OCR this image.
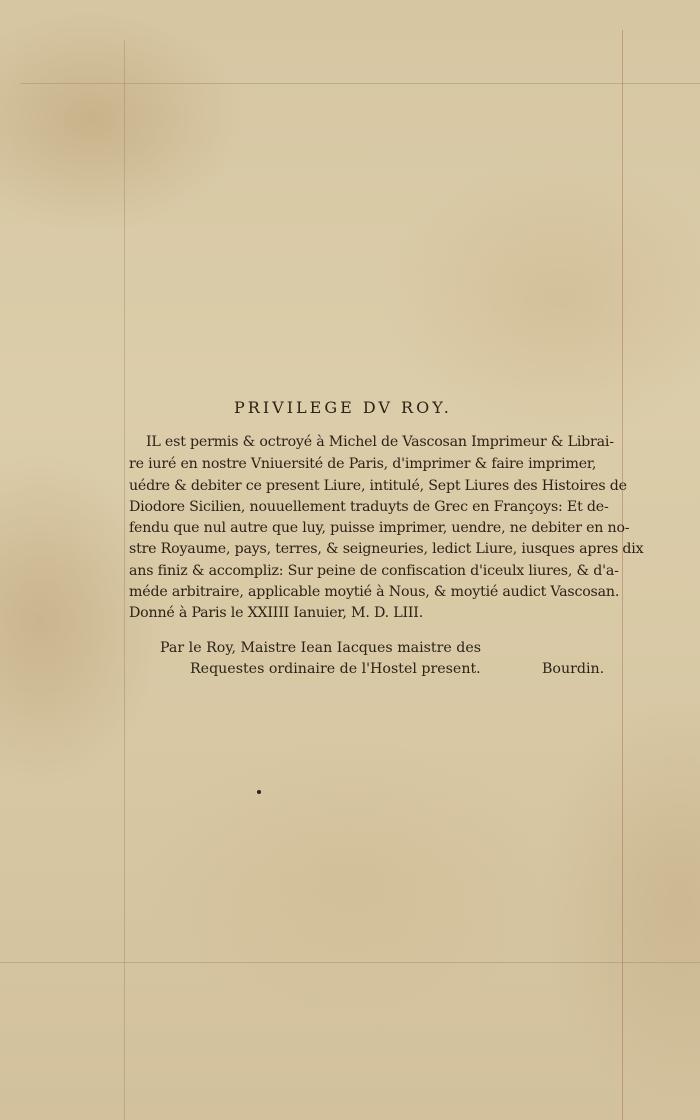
PRIVILEGE DV ROY.
IL est permis & octroyé à Michel de Vascosan Imprimeur & Librai-
re iuré en nostre Vniuersité de Paris, d'imprimer & faire imprimer,
uédre & debiter ce present Liure, intitulé, Sept Liures des Histoires de
Diodore Sicilien, nouuellement traduyts de Grec en Françoys: Et de-
fendu que nul autre que luy, puisse imprimer, uendre, ne debiter en no-
stre Royaume, pays, terres, & seigneuries, ledict Liure, iusques apres dix
ans finiz & accompliz: Sur peine de confiscation d'iceulx liures, & d'a-
méde arbitraire, applicable moytié à Nous, & moytié audict Vascosan.
Donné à Paris le XXIIII Ianuier, M. D. LIII.
Par le Roy, Maistre Iean Iacques maistre des
Requestes ordinaire de l'Hostel present.	Bourdin.
